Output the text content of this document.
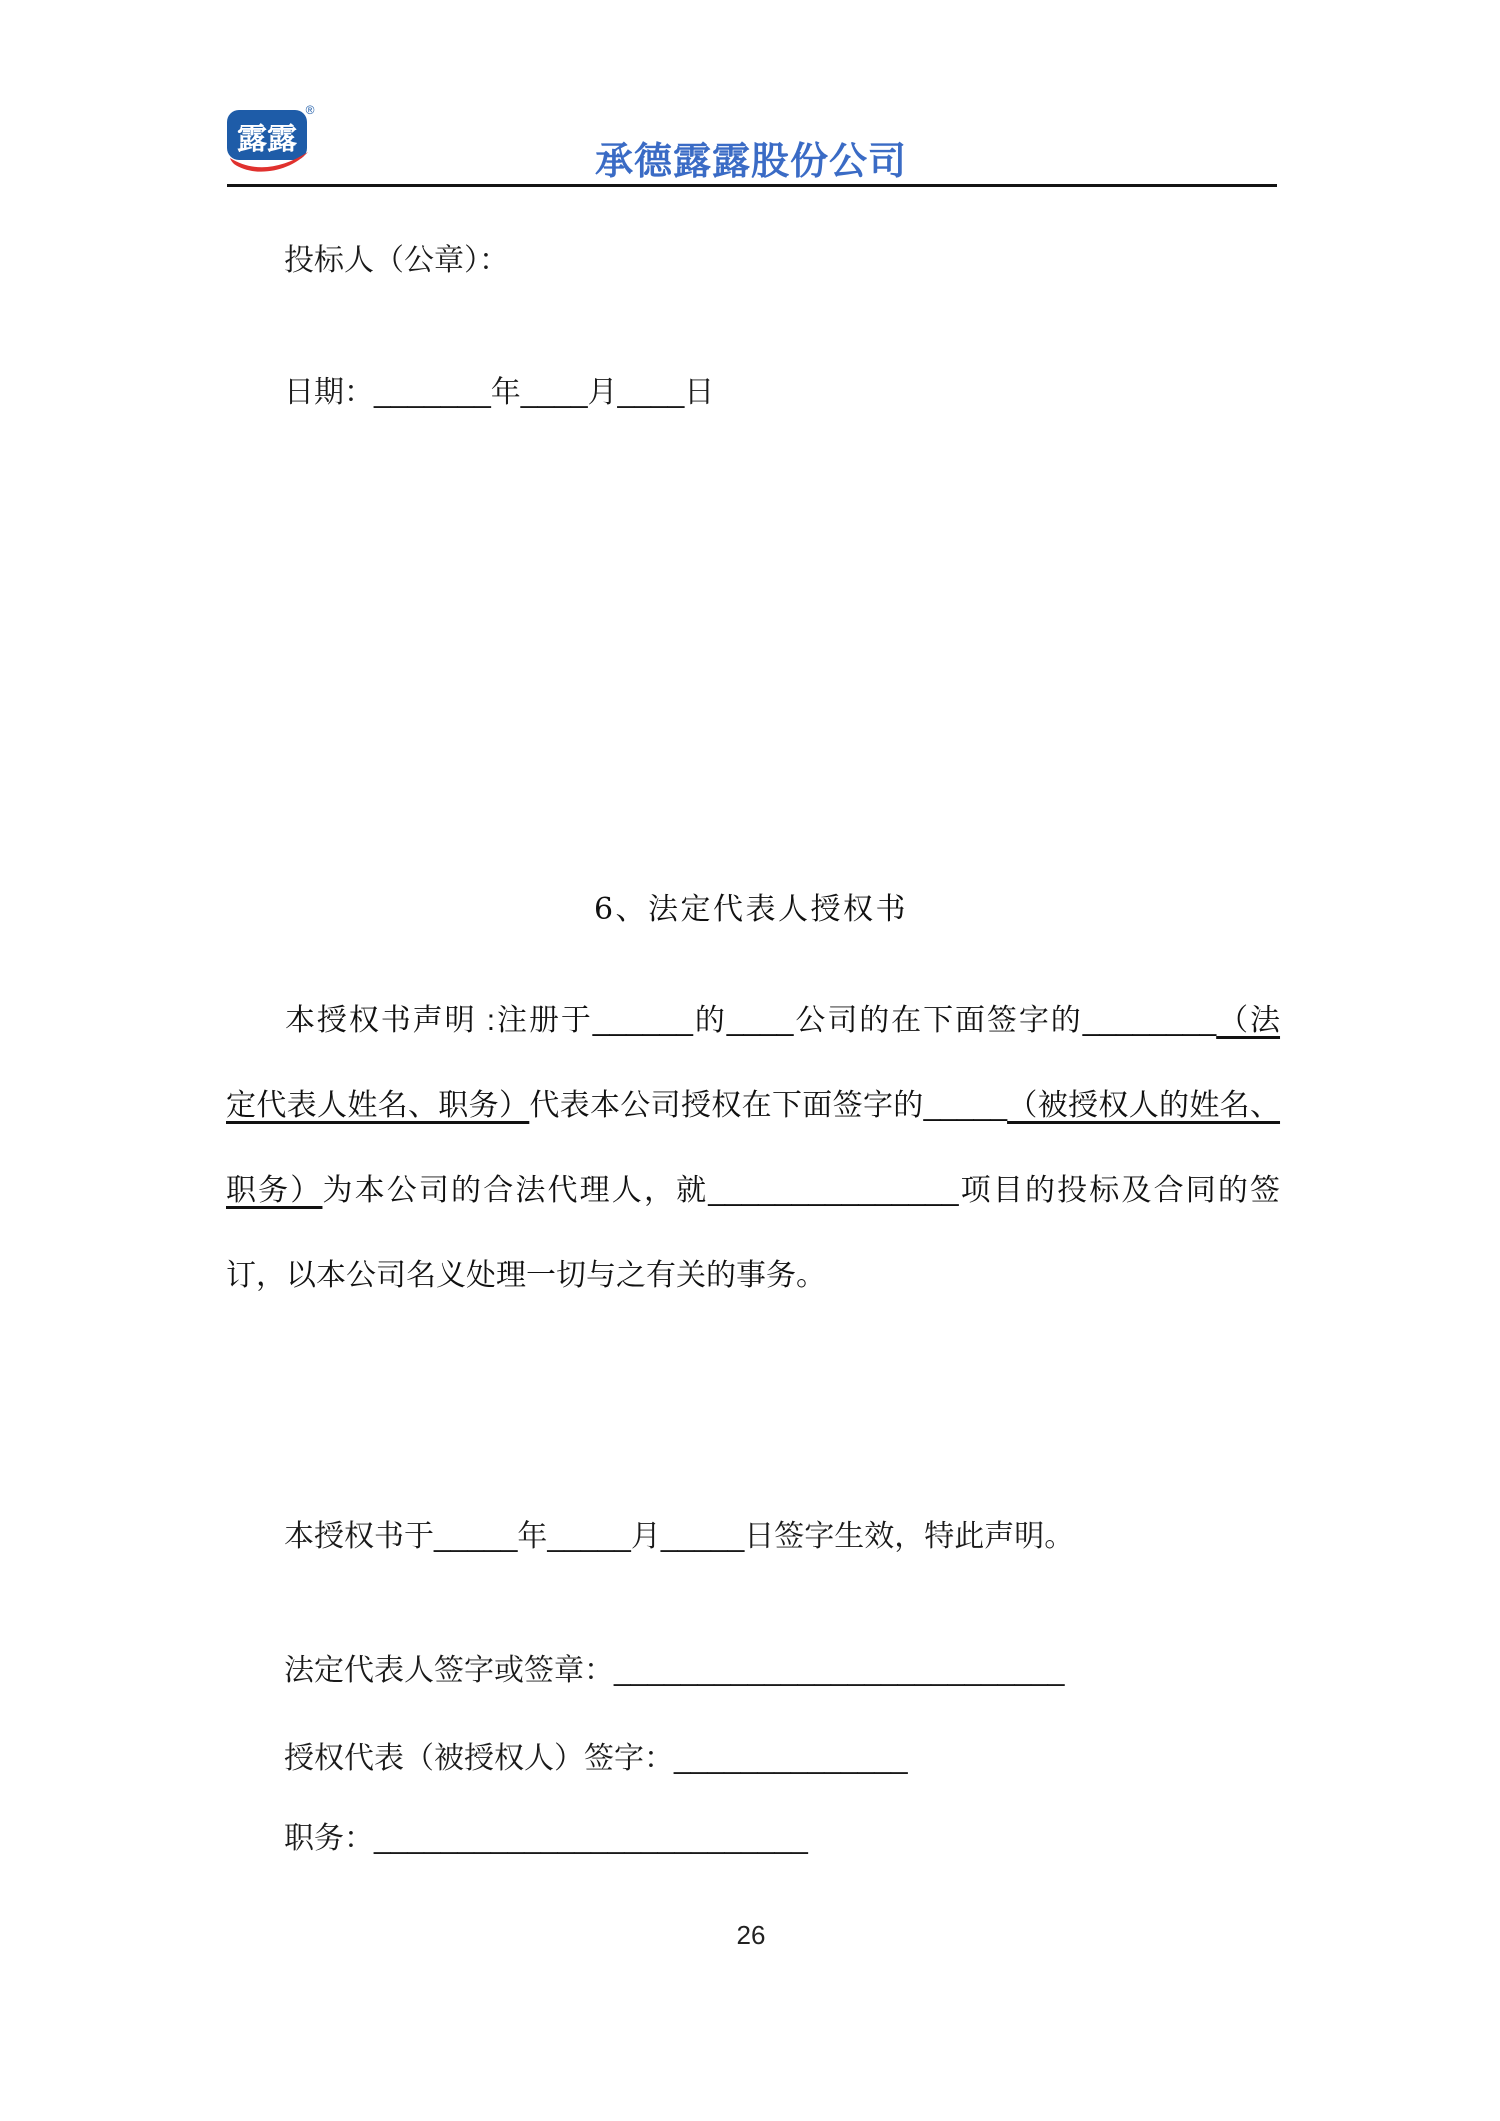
露露
®
承德露露股份公司
投标人（公章）：
日期：_______年____月____日
6、法定代表人授权书
本授权书声明 :注册于______的____公司的在下面签字的________（法
定代表人姓名、职务）代表本公司授权在下面签字的_____（被授权人的姓名、
职务）为本公司的合法代理人，就_______________项目的投标及合同的签
订，以本公司名义处理一切与之有关的事务。
本授权书于_____年_____月_____日签字生效，特此声明。
法定代表人签字或签章：___________________________
授权代表（被授权人）签字：______________
职务：__________________________
26
